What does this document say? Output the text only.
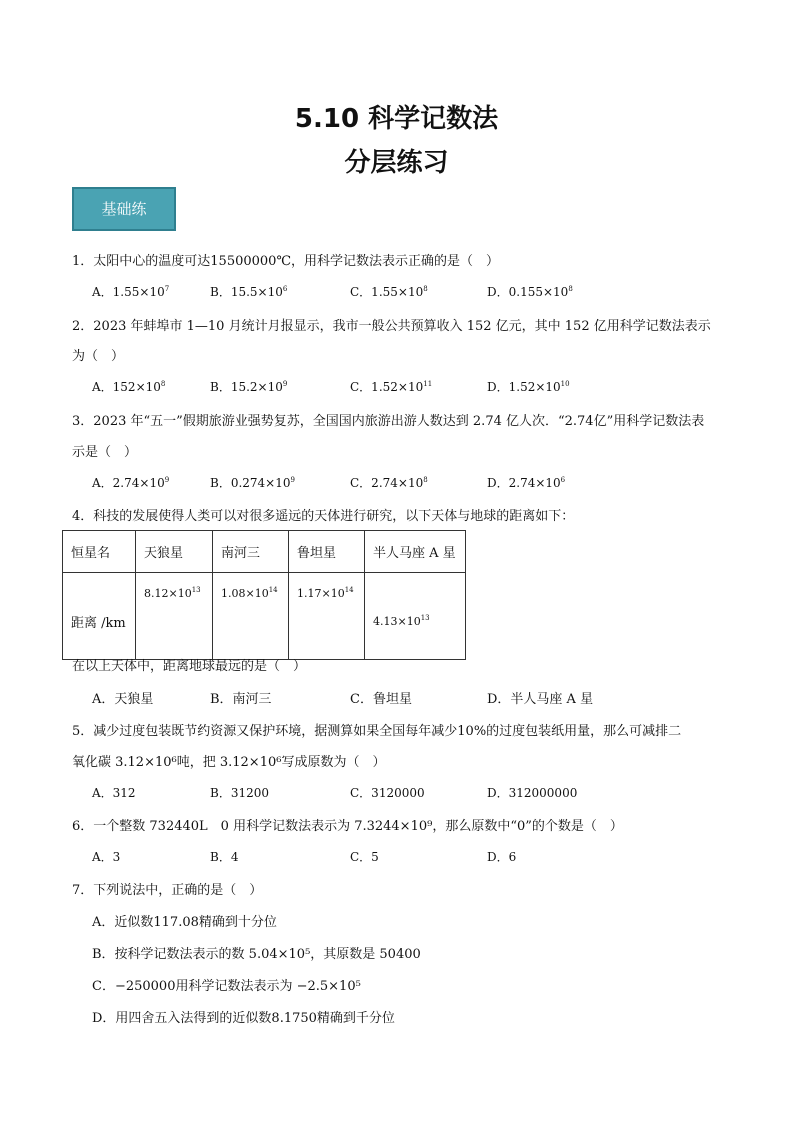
5.10 科学记数法
分层练习
基础练
1．太阳中心的温度可达15500000℃，用科学记数法表示正确的是（　）
A．$1.55\times 10^7$	B．$15.5\times 10^6$	C．$1.55\times 10^8$	D．$0.155\times 10^8$
2．2023 年蚌埠市 1—10 月统计月报显示，我市一般公共预算收入 152 亿元，其中 152 亿用科学记数法表示
为（　）
A．$152\times 10^8$	B．$15.2\times 10^9$	C．$1.52\times 10^{11}$	D．$1.52\times 10^{10}$
3．2023 年“五一”假期旅游业强势复苏，全国国内旅游出游人数达到 2.74 亿人次．“2.74亿”用科学记数法表
示是（　）
A．$2.74\times 10^9$	B．$0.274\times 10^9$	C．$2.74\times 10^8$	D．$2.74\times 10^6$
4．科技的发展使得人类可以对很多遥远的天体进行研究，以下天体与地球的距离如下：
恒星名	天狼星	南河三	鲁坦星	半人马座 A 星
距离 /km	$8.12\times 10^{13}$	$1.08\times 10^{14}$	$1.17\times 10^{14}$	$4.13\times 10^{13}$
在以上天体中，距离地球最远的是（　）
A．天狼星	B．南河三	C．鲁坦星	D．半人马座 A 星
5．减少过度包装既节约资源又保护环境，据测算如果全国每年减少10%的过度包装纸用量，那么可减排二
氧化碳 3.12×10⁶吨，把 3.12×10⁶写成原数为（　）
A．312	B．31200	C．3120000	D．312000000
6．一个整数 732440L　0 用科学记数法表示为 7.3244×10⁹，那么原数中“0”的个数是（　）
A．3	B．4	C．5	D．6
7．下列说法中，正确的是（　）
A．近似数117.08精确到十分位
B．按科学记数法表示的数 5.04×10⁵，其原数是 50400
C．−250000用科学记数法表示为 −2.5×10⁵
D．用四舍五入法得到的近似数8.1750精确到千分位
